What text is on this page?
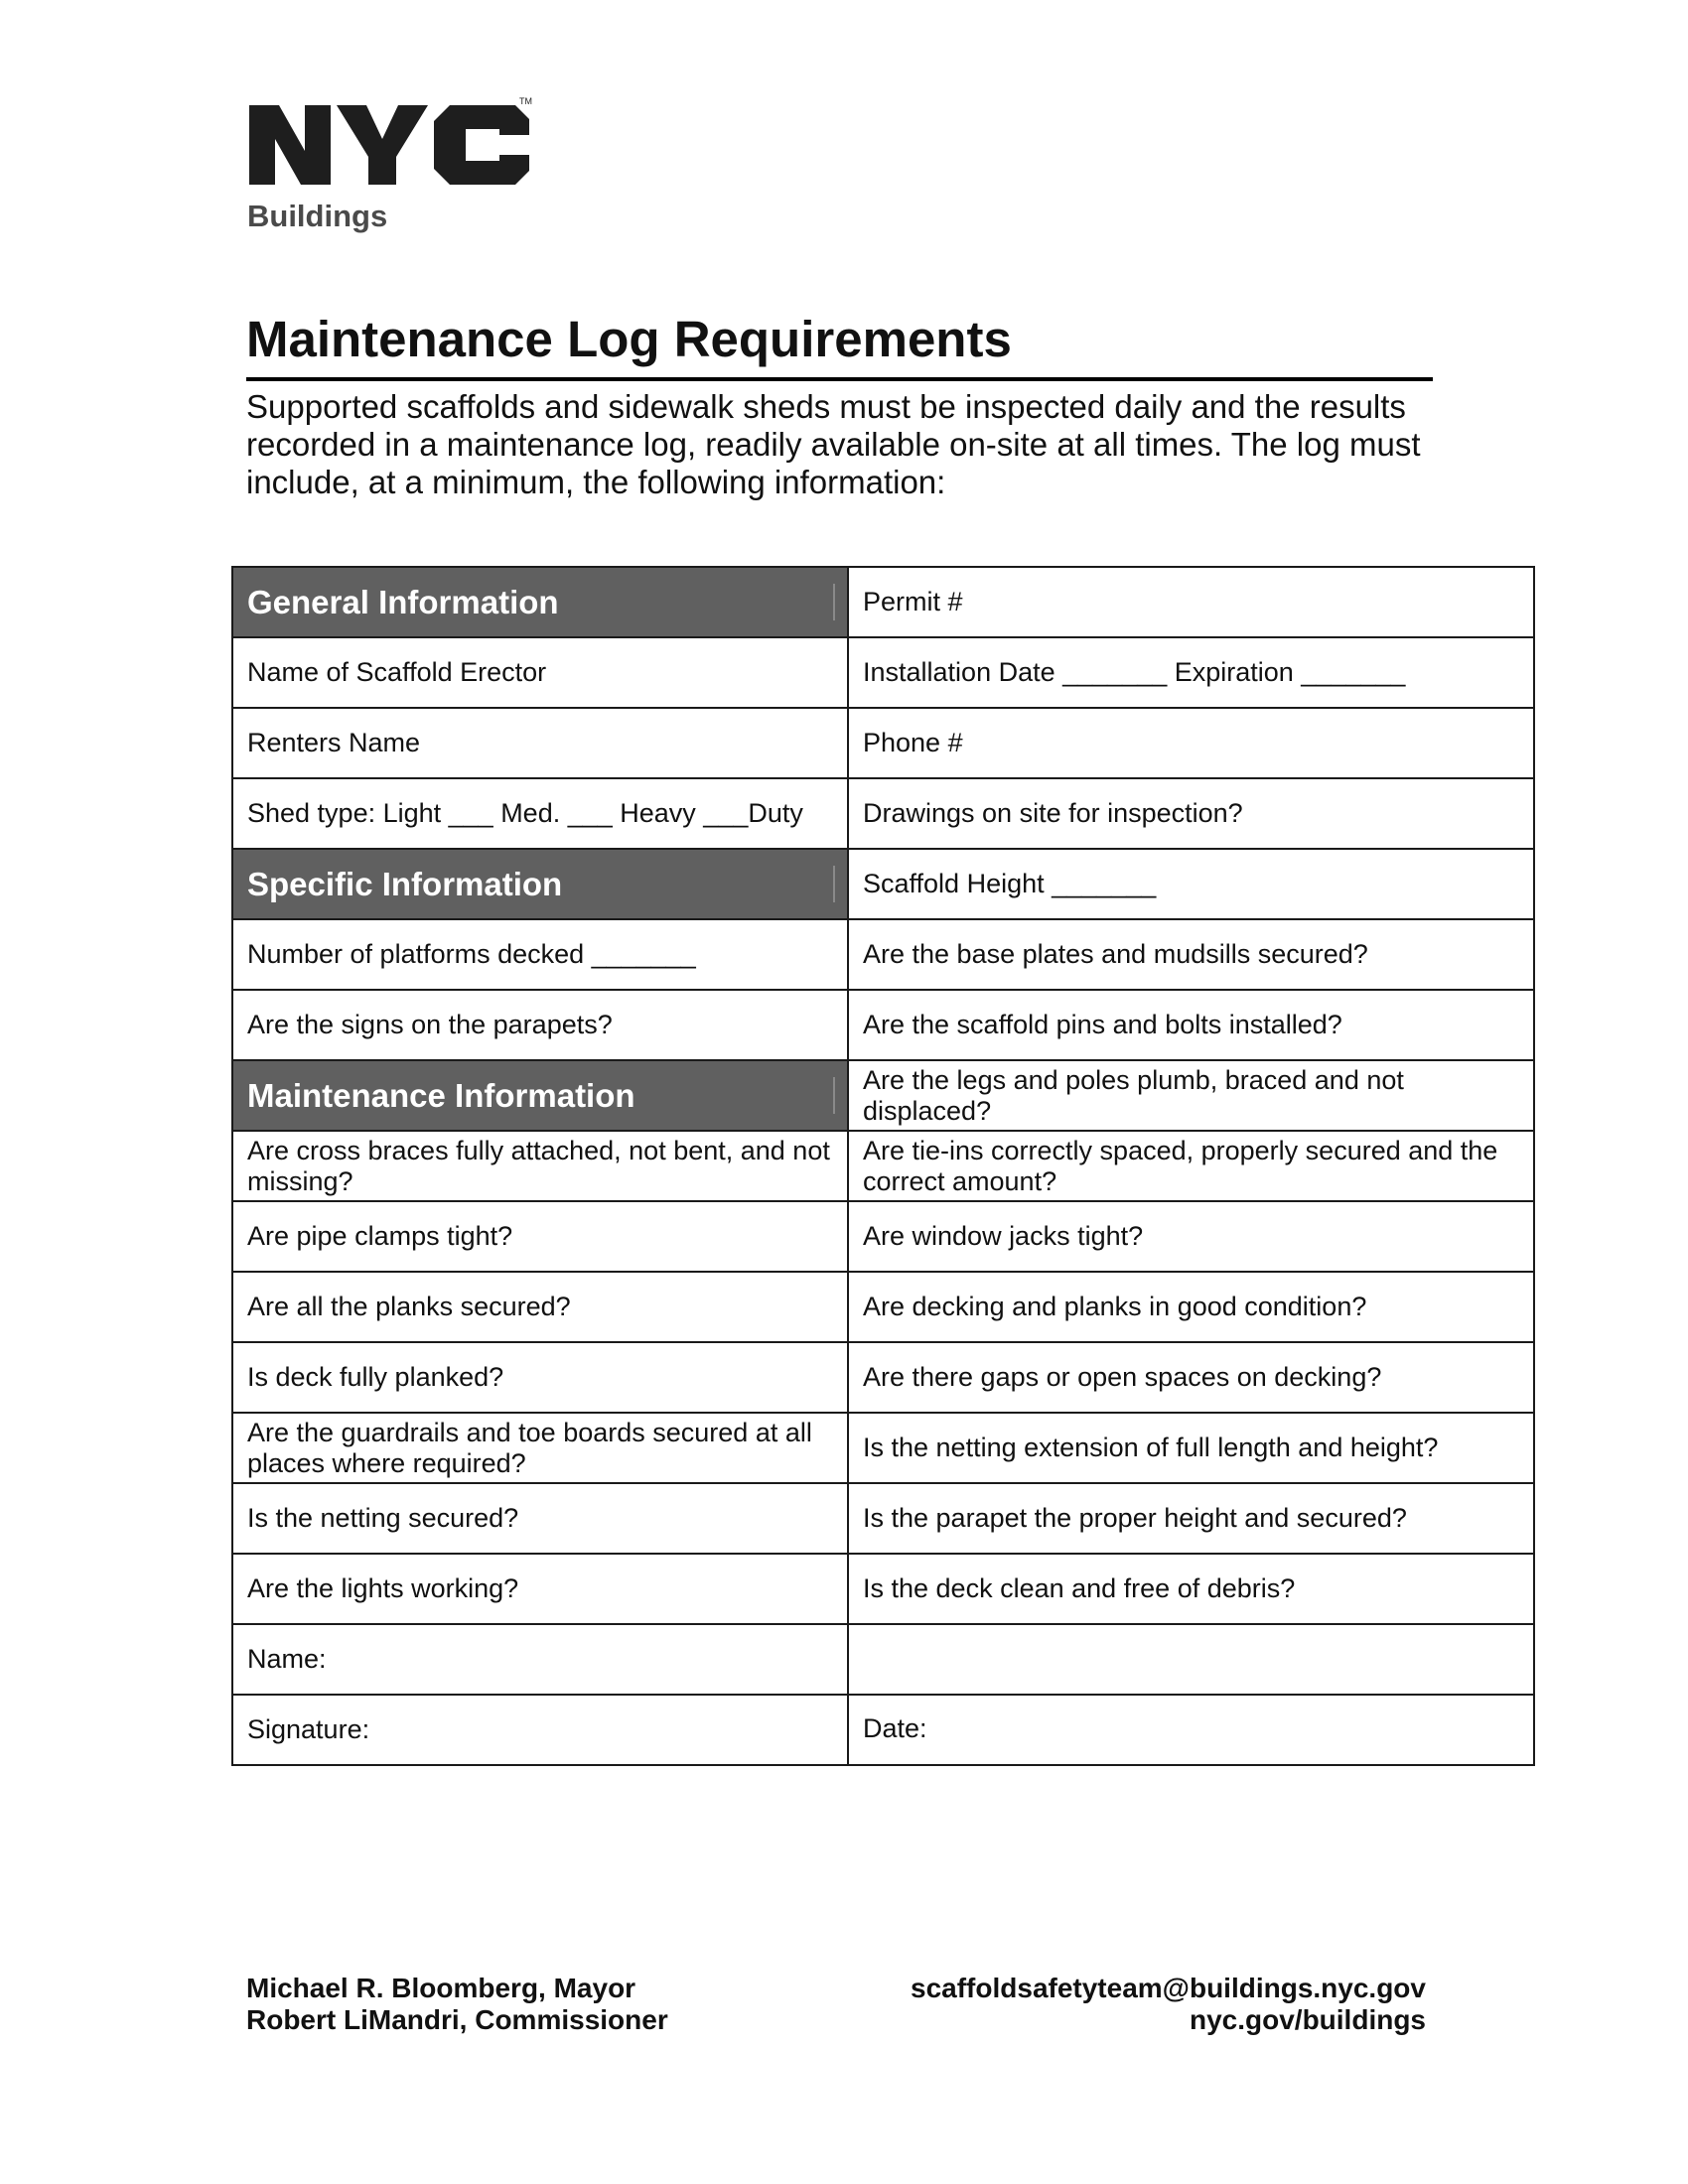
TM
Buildings
Maintenance Log Requirements

Supported scaffolds and sidewalk sheds must be inspected daily and the results recorded in a maintenance log, readily available on-site at all times. The log must include, at a minimum, the following information:

General Information	Permit #
Name of Scaffold Erector	Installation Date _______ Expiration _______
Renters Name	Phone #
Shed type: Light ___ Med. ___ Heavy ___Duty	Drawings on site for inspection?
Specific Information	Scaffold Height _______
Number of platforms decked _______	Are the base plates and mudsills secured?
Are the signs on the parapets?	Are the scaffold pins and bolts installed?
Maintenance Information	Are the legs and poles plumb, braced and not displaced?
Are cross braces fully attached, not bent, and not missing?	Are tie-ins correctly spaced, properly secured and the correct amount?
Are pipe clamps tight?	Are window jacks tight?
Are all the planks secured?	Are decking and planks in good condition?
Is deck fully planked?	Are there gaps or open spaces on decking?
Are the guardrails and toe boards secured at all places where required?	Is the netting extension of full length and height?
Is the netting secured?	Is the parapet the proper height and secured?
Are the lights working?	Is the deck clean and free of debris?
Name:	
Signature:	Date:
Michael R. Bloomberg, Mayor
Robert LiMandri, Commissioner
scaffoldsafetyteam@buildings.nyc.gov
nyc.gov/buildings
